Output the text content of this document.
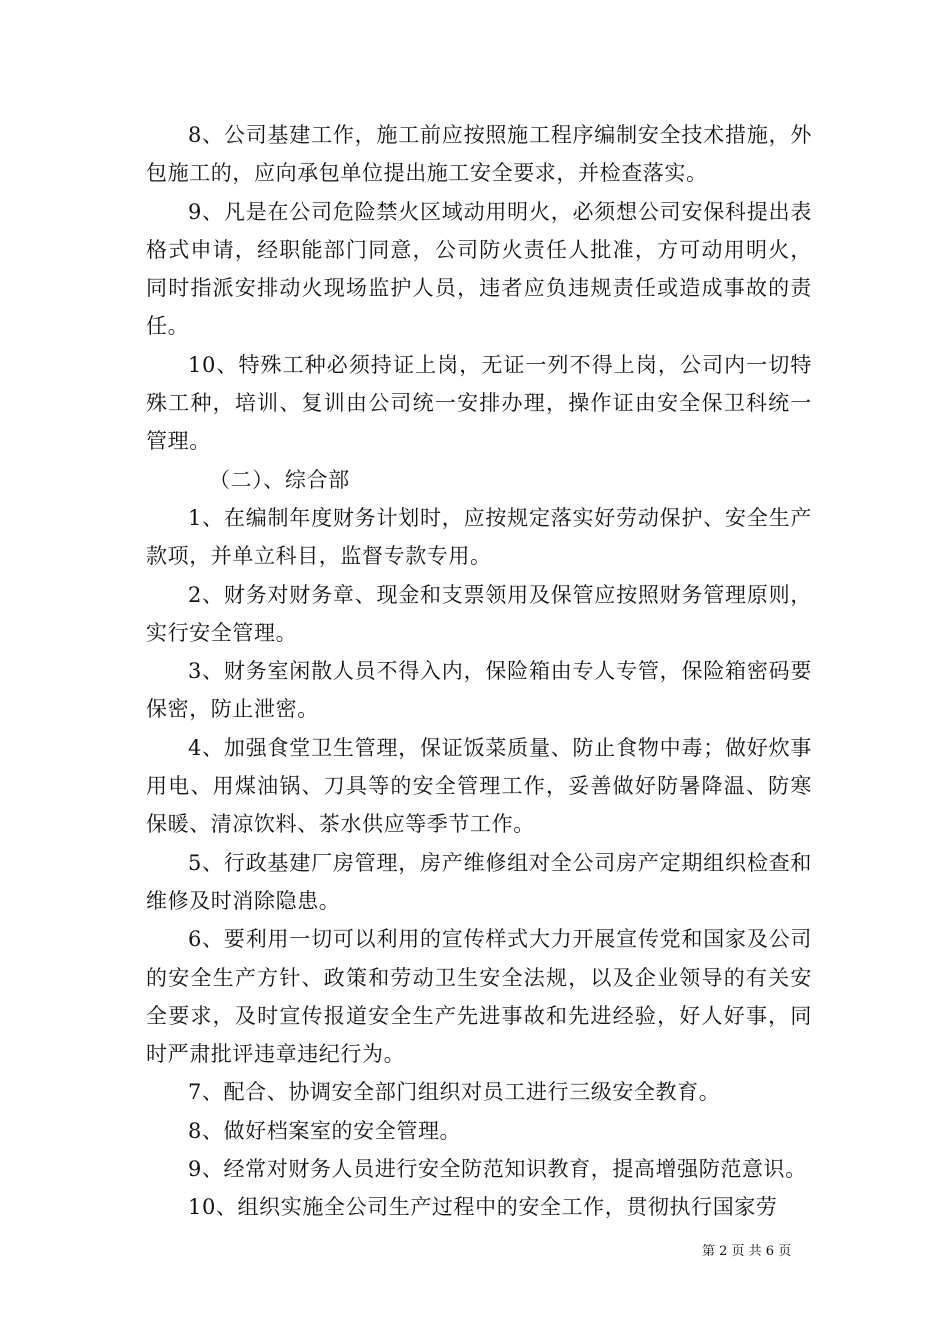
8、公司基建工作，施工前应按照施工程序编制安全技术措施，外包施工的，应向承包单位提出施工安全要求，并检查落实。

9、凡是在公司危险禁火区域动用明火，必须想公司安保科提出表格式申请，经职能部门同意，公司防火责任人批准，方可动用明火，同时指派安排动火现场监护人员，违者应负违规责任或造成事故的责任。

10、特殊工种必须持证上岗，无证一列不得上岗，公司内一切特殊工种，培训、复训由公司统一安排办理，操作证由安全保卫科统一管理。

（二）、综合部

1、在编制年度财务计划时，应按规定落实好劳动保护、安全生产款项，并单立科目，监督专款专用。

2、财务对财务章、现金和支票领用及保管应按照财务管理原则，实行安全管理。

3、财务室闲散人员不得入内，保险箱由专人专管，保险箱密码要保密，防止泄密。

4、加强食堂卫生管理，保证饭菜质量、防止食物中毒；做好炊事用电、用煤油锅、刀具等的安全管理工作，妥善做好防暑降温、防寒保暖、清凉饮料、茶水供应等季节工作。

5、行政基建厂房管理，房产维修组对全公司房产定期组织检查和维修及时消除隐患。

6、要利用一切可以利用的宣传样式大力开展宣传党和国家及公司的安全生产方针、政策和劳动卫生安全法规，以及企业领导的有关安全要求，及时宣传报道安全生产先进事故和先进经验，好人好事，同时严肃批评违章违纪行为。

7、配合、协调安全部门组织对员工进行三级安全教育。

8、做好档案室的安全管理。

9、经常对财务人员进行安全防范知识教育，提高增强防范意识。

10、组织实施全公司生产过程中的安全工作，贯彻执行国家劳

第 2 页 共 6 页
